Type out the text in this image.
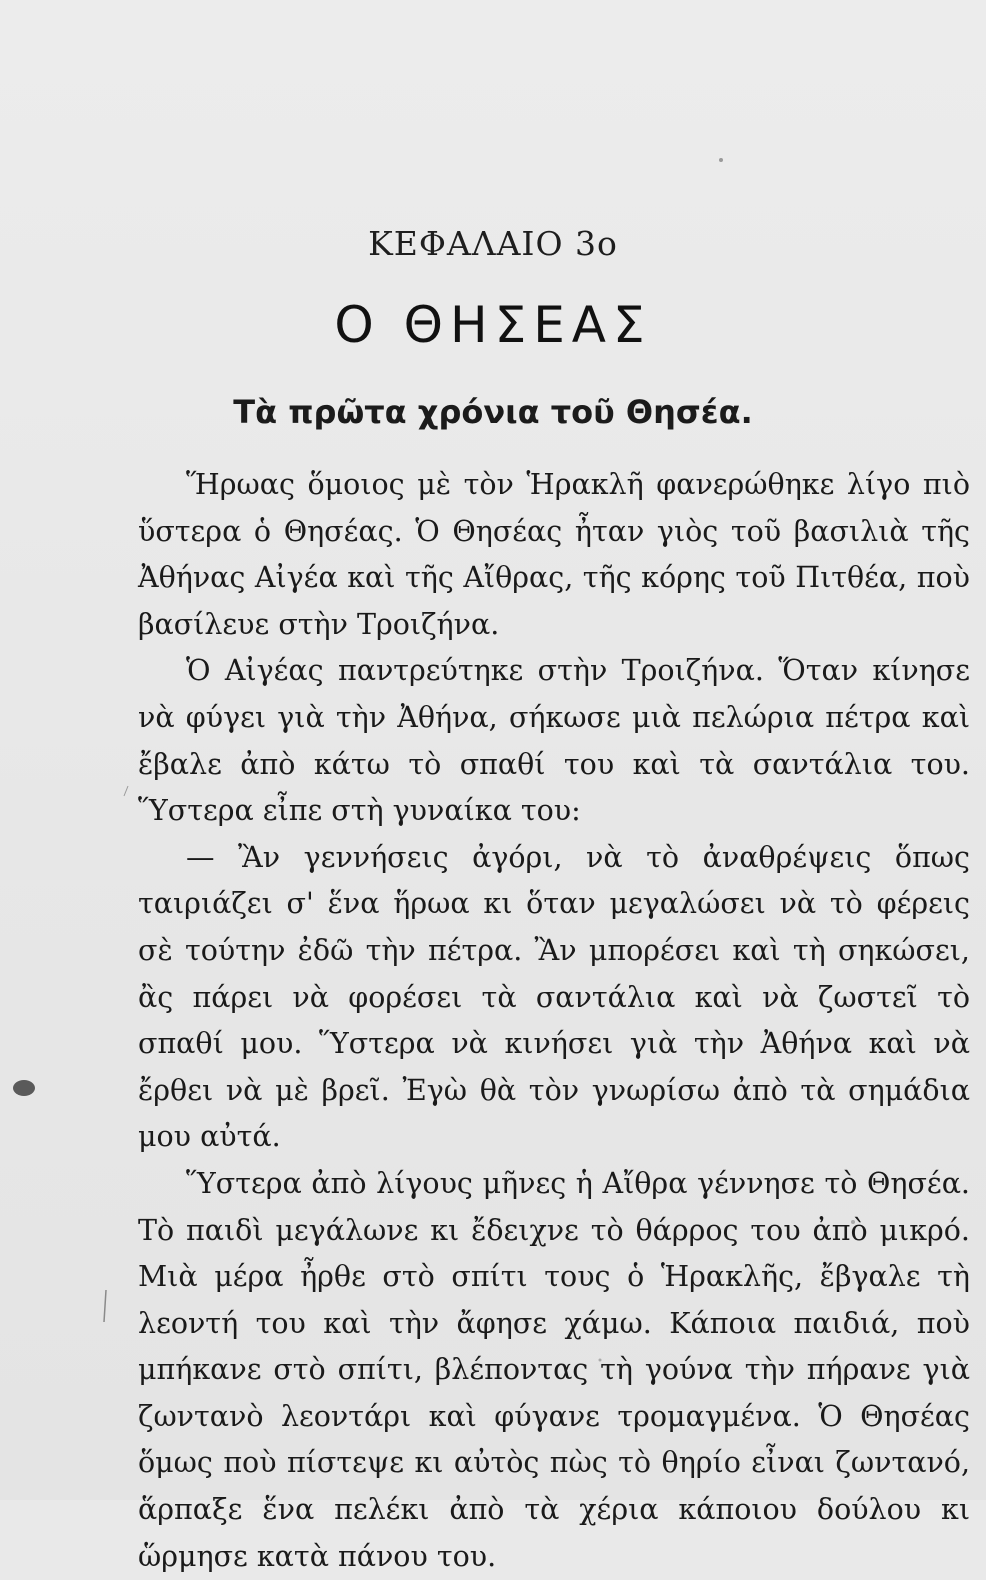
ΚΕΦΑΛΑΙΟ 3ο
Ο ΘΗΣΕΑΣ
Τὰ πρῶτα χρόνια τοῦ Θησέα.

Ἥρωας ὅμοιος μὲ τὸν Ἡρακλῆ φανερώθηκε λίγο πιὸ ὕστερα ὁ Θησέας. Ὁ Θησέας ἦταν γιὸς τοῦ βασιλιὰ τῆς Ἀθήνας Αἰγέα καὶ τῆς Αἴθρας, τῆς κόρης τοῦ Πιτθέα, ποὺ βασίλευε στὴν Τροιζήνα.

Ὁ Αἰγέας παντρεύτηκε στὴν Τροιζήνα. Ὅταν κίνησε νὰ φύγει γιὰ τὴν Ἀθήνα, σήκωσε μιὰ πελώρια πέτρα καὶ ἔβαλε ἀπὸ κάτω τὸ σπαθί του καὶ τὰ σαντάλια του. Ὕστερα εἶπε στὴ γυναίκα του:

— Ἂν γεννήσεις ἀγόρι, νὰ τὸ ἀναθρέψεις ὅπως ταιριάζει σ' ἕνα ἥρωα κι ὅταν μεγαλώσει νὰ τὸ φέρεις σὲ τούτην ἐδῶ τὴν πέτρα. Ἂν μπορέσει καὶ τὴ σηκώσει, ἂς πάρει νὰ φορέσει τὰ σαντάλια καὶ νὰ ζωστεῖ τὸ σπαθί μου. Ὕστερα νὰ κινήσει γιὰ τὴν Ἀθήνα καὶ νὰ ἔρθει νὰ μὲ βρεῖ. Ἐγὼ θὰ τὸν γνωρίσω ἀπὸ τὰ σημάδια μου αὐτά.

Ὕστερα ἀπὸ λίγους μῆνες ἡ Αἴθρα γέννησε τὸ Θησέα. Τὸ παιδὶ μεγάλωνε κι ἔδειχνε τὸ θάρρος του ἀπὸ μικρό. Μιὰ μέρα ἦρθε στὸ σπίτι τους ὁ Ἡρακλῆς, ἔβγαλε τὴ λεοντή του καὶ τὴν ἄφησε χάμω. Κάποια παιδιά, ποὺ μπήκανε στὸ σπίτι, βλέποντας τὴ γούνα τὴν πήρανε γιὰ ζωντανὸ λεοντάρι καὶ φύγανε τρομαγμένα. Ὁ Θησέας ὅμως ποὺ πίστεψε κι αὐτὸς πὼς τὸ θηρίο εἶναι ζωντανό, ἅρπαξε ἕνα πελέκι ἀπὸ τὰ χέρια κάποιου δούλου κι ὥρμησε κατὰ πάνου του.
